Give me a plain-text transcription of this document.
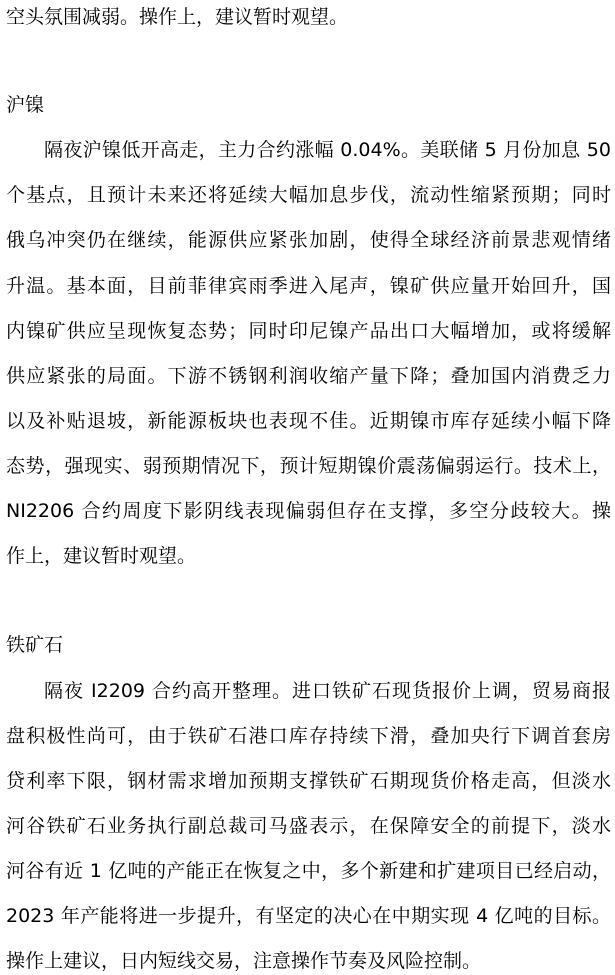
空头氛围减弱。操作上，建议暂时观望。
沪镍
隔夜沪镍低开高走，主力合约涨幅 0.04%。美联储 5 月份加息 50
个基点，且预计未来还将延续大幅加息步伐，流动性缩紧预期；同时
俄乌冲突仍在继续，能源供应紧张加剧，使得全球经济前景悲观情绪
升温。基本面，目前菲律宾雨季进入尾声，镍矿供应量开始回升，国
内镍矿供应呈现恢复态势；同时印尼镍产品出口大幅增加，或将缓解
供应紧张的局面。下游不锈钢利润收缩产量下降；叠加国内消费乏力
以及补贴退坡，新能源板块也表现不佳。近期镍市库存延续小幅下降
态势，强现实、弱预期情况下，预计短期镍价震荡偏弱运行。技术上，
NI2206 合约周度下影阴线表现偏弱但存在支撑，多空分歧较大。操
作上，建议暂时观望。
铁矿石
隔夜 I2209 合约高开整理。进口铁矿石现货报价上调，贸易商报
盘积极性尚可，由于铁矿石港口库存持续下滑，叠加央行下调首套房
贷利率下限，钢材需求增加预期支撑铁矿石期现货价格走高，但淡水
河谷铁矿石业务执行副总裁司马盛表示，在保障安全的前提下，淡水
河谷有近 1 亿吨的产能正在恢复之中，多个新建和扩建项目已经启动，
2023 年产能将进一步提升，有坚定的决心在中期实现 4 亿吨的目标。
操作上建议，日内短线交易，注意操作节奏及风险控制。
